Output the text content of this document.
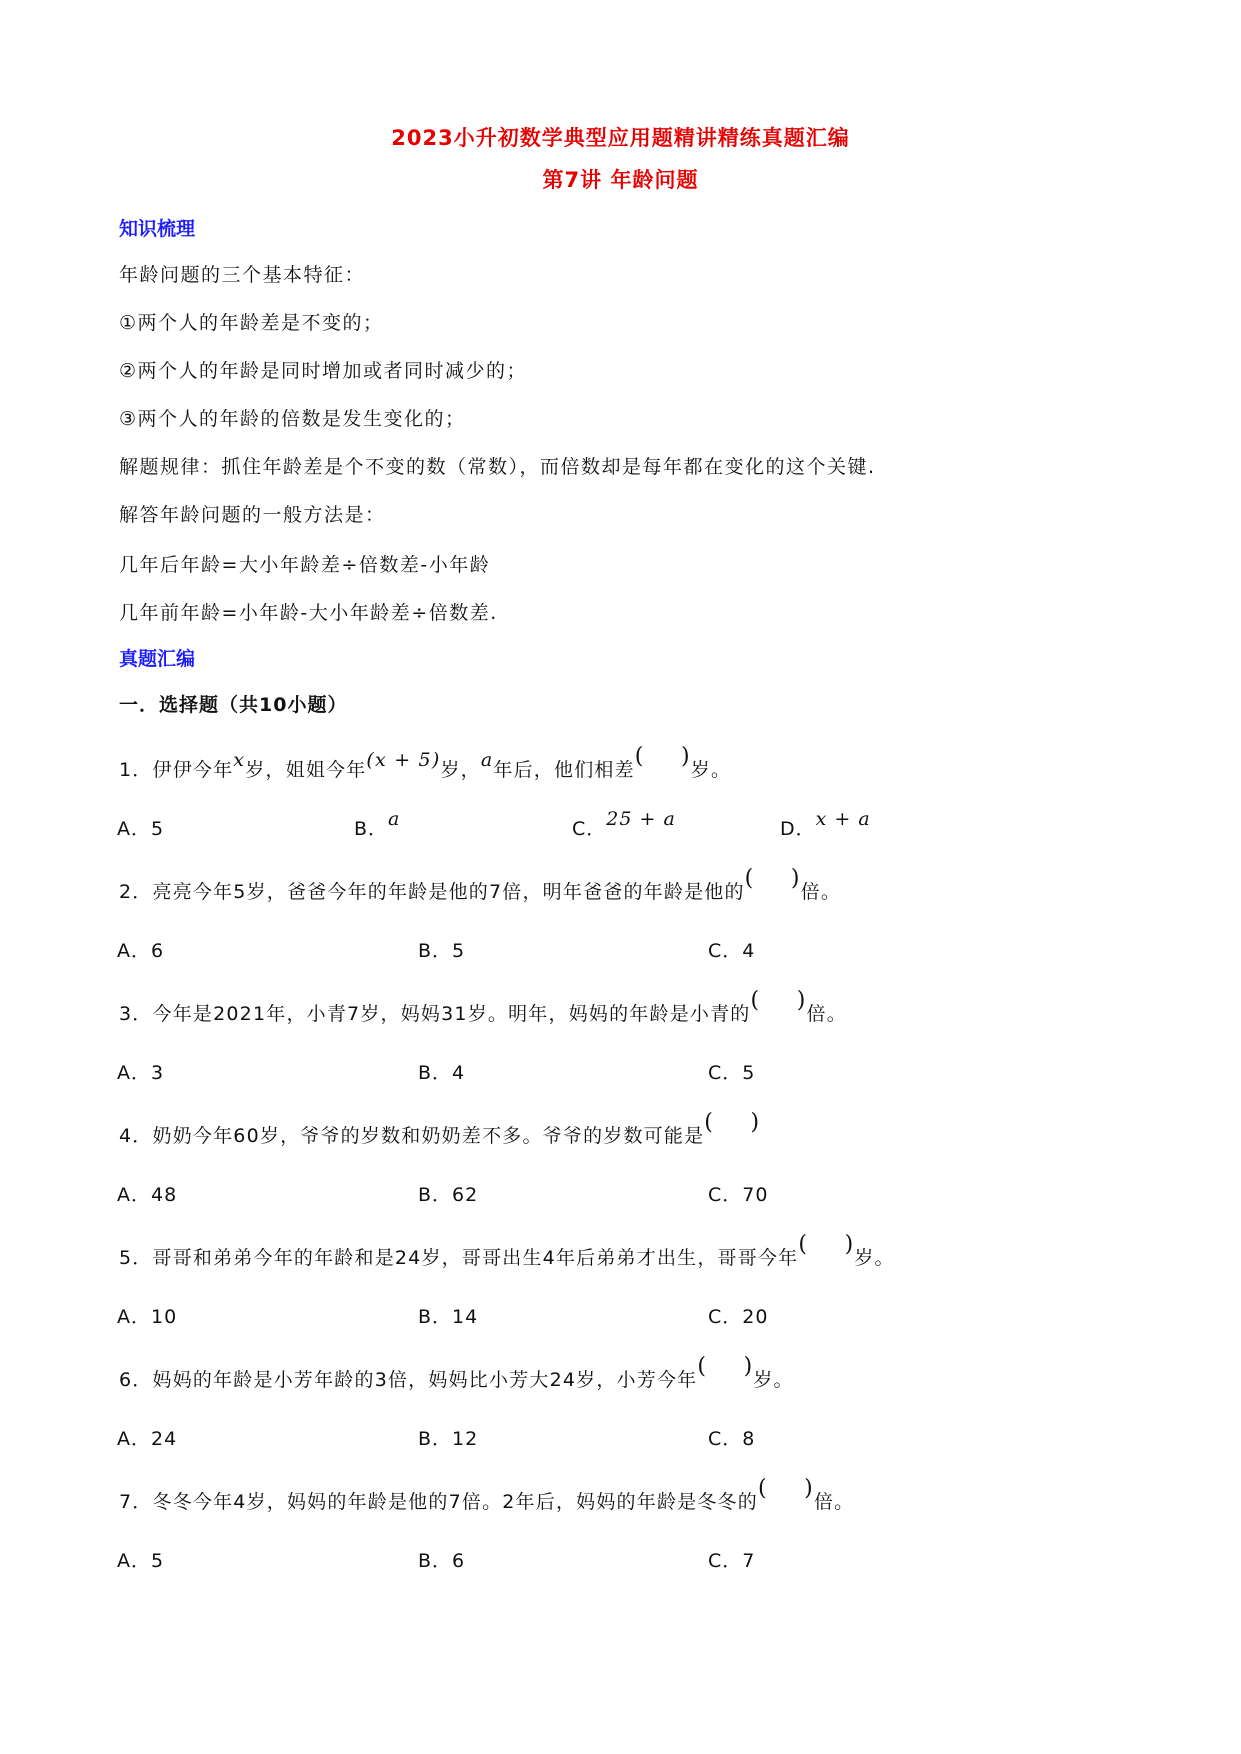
2023小升初数学典型应用题精讲精练真题汇编
第7讲 年龄问题
知识梳理
年龄问题的三个基本特征：
①两个人的年龄差是不变的；
②两个人的年龄是同时增加或者同时减少的；
③两个人的年龄的倍数是发生变化的；
解题规律：抓住年龄差是个不变的数（常数），而倍数却是每年都在变化的这个关键.
解答年龄问题的一般方法是：
几年后年龄=大小年龄差÷倍数差-小年龄
几年前年龄=小年龄-大小年龄差÷倍数差.
真题汇编
一．选择题（共10小题）
1．伊伊今年x岁，姐姐今年(x + 5)岁，a年后，他们相差
( )
岁。
A．5	B．a	C．25 + a	D．x + a
2．亮亮今年5岁，爸爸今年的年龄是他的7倍，明年爸爸的年龄是他的
( )
倍。
A．6	B．5	C．4
3．今年是2021年，小青7岁，妈妈31岁。明年，妈妈的年龄是小青的
( )
倍。
A．3	B．4	C．5
4．奶奶今年60岁，爷爷的岁数和奶奶差不多。爷爷的岁数可能是
( )
A．48	B．62	C．70
5．哥哥和弟弟今年的年龄和是24岁，哥哥出生4年后弟弟才出生，哥哥今年
( )
岁。
A．10	B．14	C．20
6．妈妈的年龄是小芳年龄的3倍，妈妈比小芳大24岁，小芳今年
( )
岁。
A．24	B．12	C．8
7．冬冬今年4岁，妈妈的年龄是他的7倍。2年后，妈妈的年龄是冬冬的
( )
倍。
A．5	B．6	C．7
